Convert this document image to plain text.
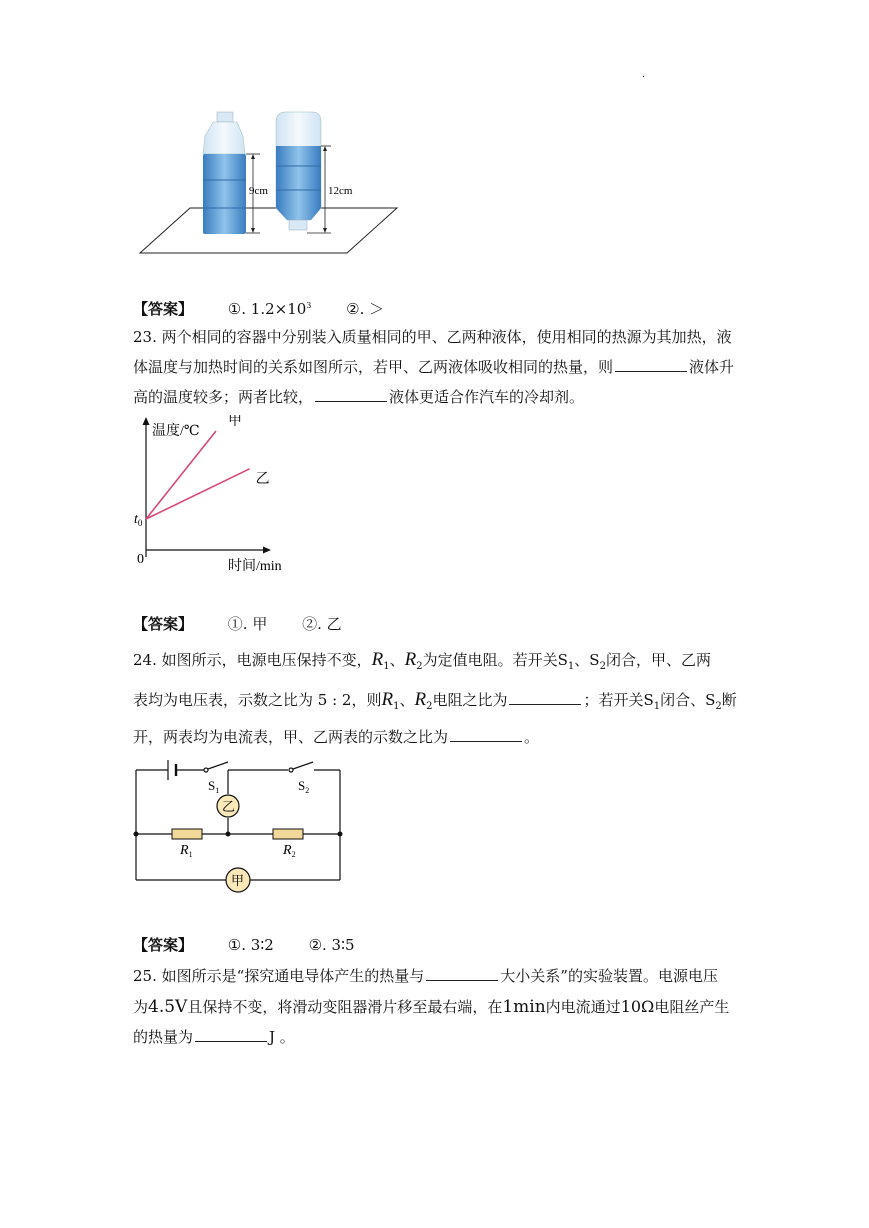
·
9cm	12cm
【答案】 ①. $1.2\times 10^3$ ②. ＞
23. 两个相同的容器中分别装入质量相同的甲、乙两种液体，使用相同的热源为其加热，液
体温度与加热时间的关系如图所示，若甲、乙两液体吸收相同的热量，则	液体升
高的温度较多；两者比较，	液体更适合作汽车的冷却剂。
温度/℃
时间/min
0
$t_0$
甲
乙
【答案】 ①. 甲 ②. 乙
24. 如图所示，电源电压保持不变，$R_1$、$R_2$为定值电阻。若开关$S_1$、$S_2$闭合，甲、乙两
表均为电压表，示数之比为 5 : 2，则$R_1$、$R_2$电阻之比为	；若开关$S_1$闭合、$S_2$断
开，两表均为电流表，甲、乙两表的示数之比为	。
乙
甲
$S_1$	$S_2$
$R_1$	$R_2$
【答案】 ①. 3∶2 ②. 3∶5
25. 如图所示是“探究通电导体产生的热量与	大小关系”的实验装置。电源电压
为4.5V且保持不变，将滑动变阻器滑片移至最右端，在1min内电流通过10Ω电阻丝产生
的热量为	J 。
